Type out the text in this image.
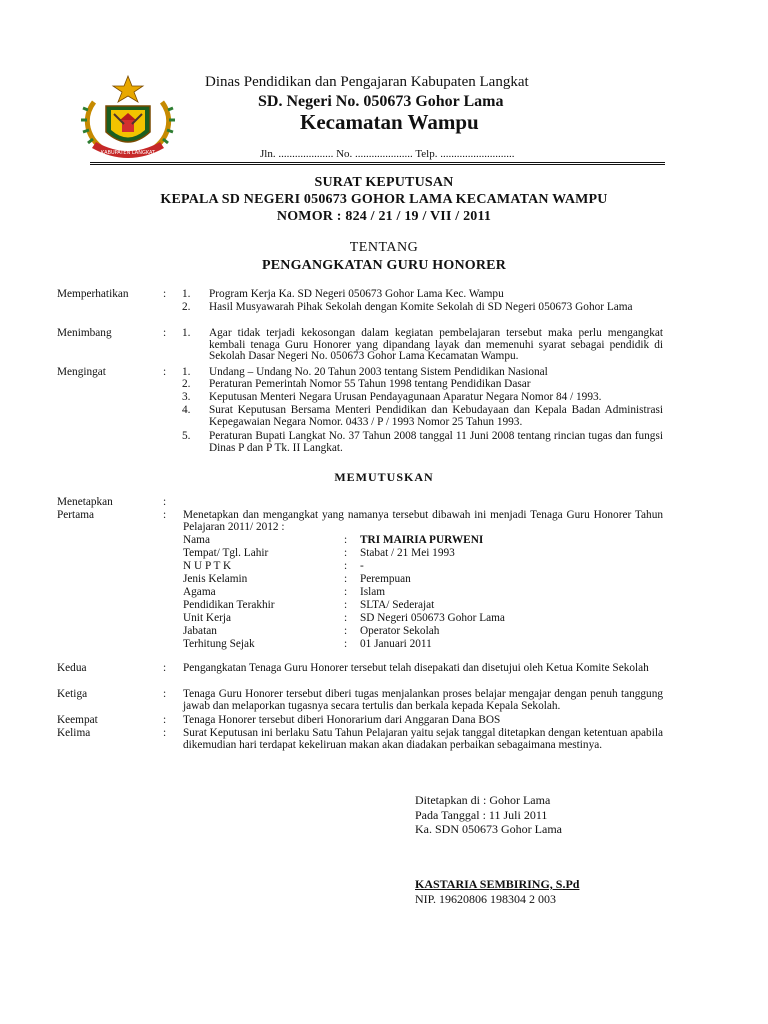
KABUPATEN LANGKAT
Dinas Pendidikan dan Pengajaran Kabupaten Langkat
SD. Negeri No. 050673 Gohor Lama
Kecamatan Wampu
Jln. .................... No. ..................... Telp. ...........................
SURAT KEPUTUSAN
KEPALA SD NEGERI 050673 GOHOR LAMA KECAMATAN WAMPU
NOMOR : 824 / 21 / 19 / VII / 2011
TENTANG
PENGANGKATAN GURU HONORER
Memperhatikan	: 1. Program Kerja Ka. SD Negeri 050673 Gohor Lama Kec. Wampu
2. Hasil Musyawarah Pihak Sekolah dengan Komite Sekolah di SD Negeri 050673 Gohor Lama
Menimbang	: 1. Agar tidak terjadi kekosongan dalam kegiatan pembelajaran tersebut maka perlu mengangkat kembali tenaga Guru Honorer yang dipandang layak dan memenuhi syarat sebagai pendidik di Sekolah Dasar Negeri No. 050673 Gohor Lama Kecamatan Wampu.
Mengingat	: 1. Undang – Undang No. 20 Tahun 2003 tentang Sistem Pendidikan Nasional
2. Peraturan Pemerintah Nomor 55 Tahun 1998 tentang Pendidikan Dasar
3. Keputusan Menteri Negara Urusan Pendayagunaan Aparatur Negara Nomor 84 / 1993.
4. Surat Keputusan Bersama Menteri Pendidikan dan Kebudayaan dan Kepala Badan Administrasi Kepegawaian Negara Nomor. 0433 / P / 1993 Nomor 25 Tahun 1993.
5. Peraturan Bupati Langkat No. 37 Tahun 2008 tanggal 11 Juni 2008 tentang rincian tugas dan fungsi Dinas P dan P Tk. II Langkat.
MEMUTUSKAN
Menetapkan	:
Pertama	: Menetapkan dan mengangkat yang namanya tersebut dibawah ini menjadi Tenaga Guru Honorer Tahun Pelajaran 2011/ 2012 :
Nama	: TRI MAIRIA PURWENI
Tempat/ Tgl. Lahir	: Stabat / 21 Mei 1993
N U P T K	: -
Jenis Kelamin	: Perempuan
Agama	: Islam
Pendidikan Terakhir	: SLTA/ Sederajat
Unit Kerja	: SD Negeri 050673 Gohor Lama
Jabatan	: Operator Sekolah
Terhitung Sejak	: 01 Januari 2011
Kedua	: Pengangkatan Tenaga Guru Honorer tersebut telah disepakati dan disetujui oleh Ketua Komite Sekolah
Ketiga	: Tenaga Guru Honorer tersebut diberi tugas menjalankan proses belajar mengajar dengan penuh tanggung jawab dan melaporkan tugasnya secara tertulis dan berkala kepada Kepala Sekolah.
Keempat	: Tenaga Honorer tersebut diberi Honorarium dari Anggaran Dana BOS
Kelima	: Surat Keputusan ini berlaku Satu Tahun Pelajaran yaitu sejak tanggal ditetapkan dengan ketentuan apabila dikemudian hari terdapat kekeliruan makan akan diadakan perbaikan sebagaimana mestinya.
Ditetapkan di : Gohor Lama
Pada Tanggal : 11 Juli 2011
Ka. SDN 050673 Gohor Lama
KASTARIA SEMBIRING, S.Pd
NIP. 19620806 198304 2 003
